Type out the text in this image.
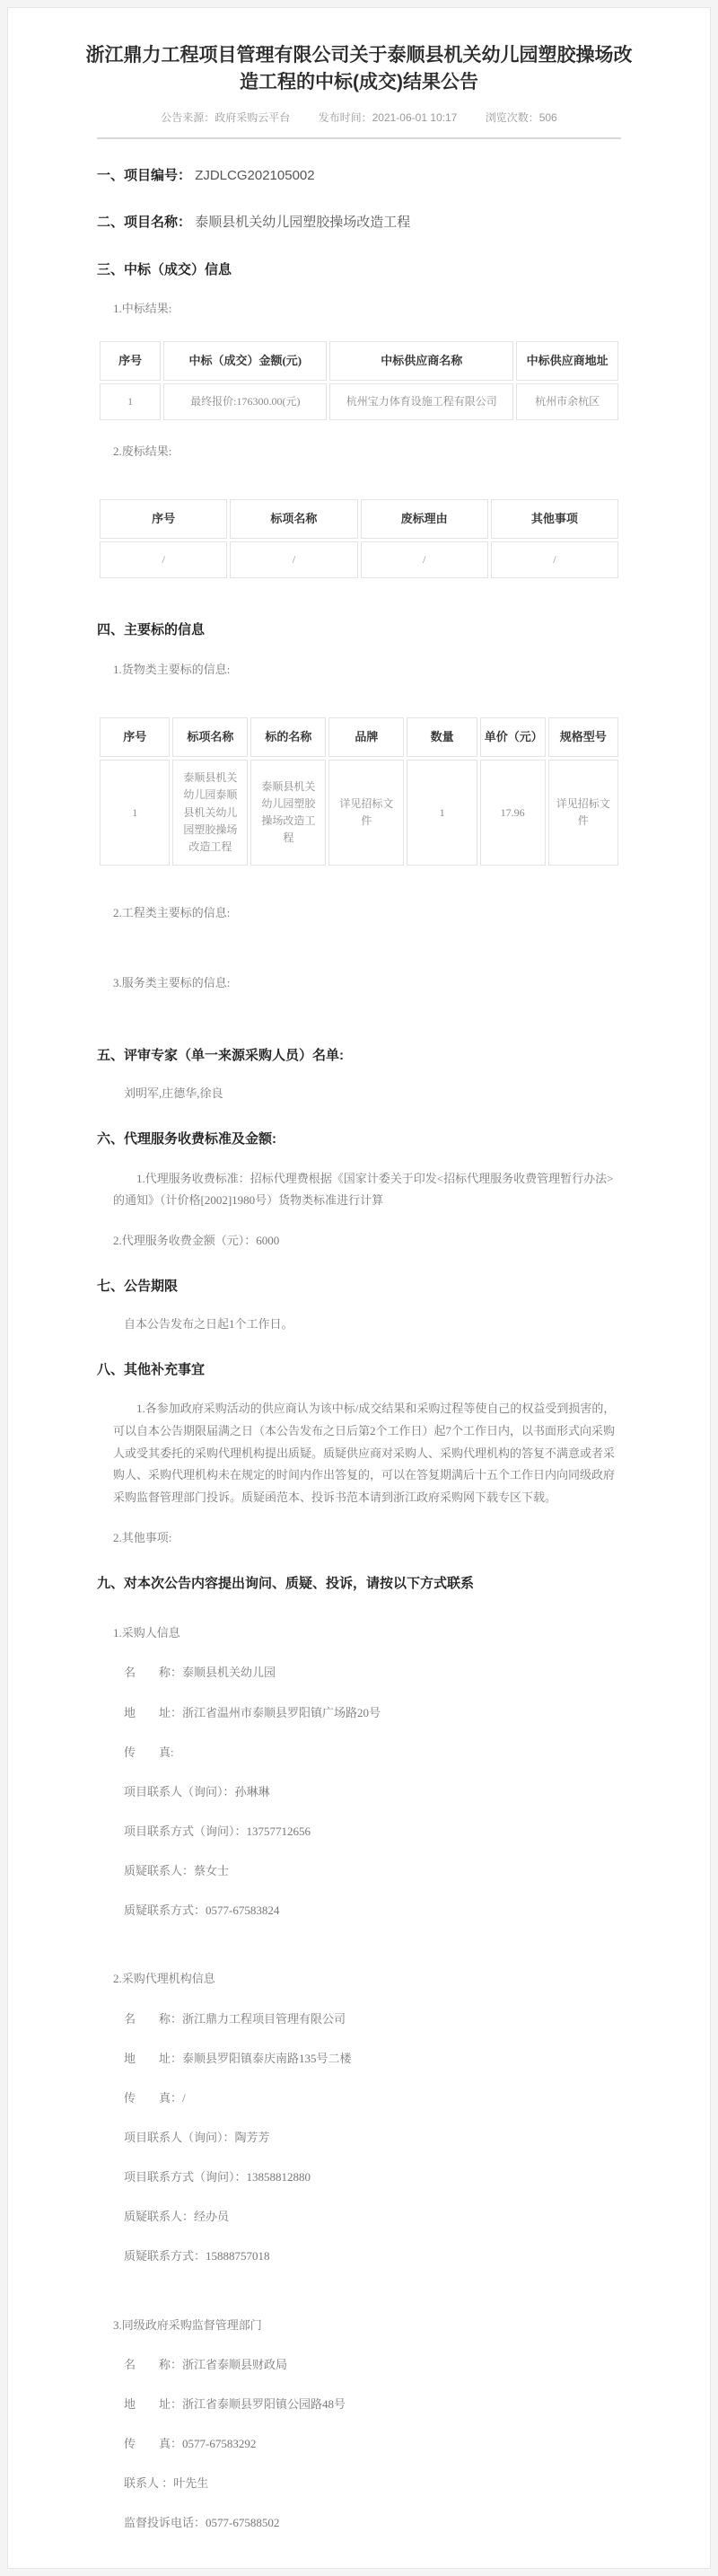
浙江鼎力工程项目管理有限公司关于泰顺县机关幼儿园塑胶操场改造工程的中标(成交)结果公告
公告来源：政府采购云平台	发布时间：2021-06-01 10:17	浏览次数：506
一、项目编号： ZJDLCG202105002
二、项目名称： 泰顺县机关幼儿园塑胶操场改造工程
三、中标（成交）信息
1.中标结果:
序号	中标（成交）金额(元)	中标供应商名称	中标供应商地址
1	最终报价:176300.00(元)	杭州宝力体育设施工程有限公司	杭州市余杭区
2.废标结果:
序号	标项名称	废标理由	其他事项
/	/	/	/
四、主要标的信息
1.货物类主要标的信息:
序号	标项名称	标的名称	品牌	数量	单价（元）	规格型号
1	泰顺县机关幼儿园泰顺县机关幼儿园塑胶操场改造工程	泰顺县机关幼儿园塑胶操场改造工程	详见招标文件	1	17.96	详见招标文件
2.工程类主要标的信息:
3.服务类主要标的信息:
五、评审专家（单一来源采购人员）名单:
刘明军,庄德华,徐良
六、代理服务收费标准及金额:
1.代理服务收费标准：招标代理费根据《国家计委关于印发<招标代理服务收费管理暂行办法>的通知》（计价格[2002]1980号）货物类标准进行计算
2.代理服务收费金额（元）：6000
七、公告期限
自本公告发布之日起1个工作日。
八、其他补充事宜
1.各参加政府采购活动的供应商认为该中标/成交结果和采购过程等使自己的权益受到损害的，可以自本公告期限届满之日（本公告发布之日后第2个工作日）起7个工作日内，以书面形式向采购人或受其委托的采购代理机构提出质疑。质疑供应商对采购人、采购代理机构的答复不满意或者采购人、采购代理机构未在规定的时间内作出答复的，可以在答复期满后十五个工作日内向同级政府采购监督管理部门投诉。质疑函范本、投诉书范本请到浙江政府采购网下载专区下载。
2.其他事项:
九、对本次公告内容提出询问、质疑、投诉，请按以下方式联系
1.采购人信息
名　　称：泰顺县机关幼儿园
地　　址：浙江省温州市泰顺县罗阳镇广场路20号
传　　真:
项目联系人（询问）：孙琳琳
项目联系方式（询问）：13757712656
质疑联系人：蔡女士
质疑联系方式：0577-67583824
2.采购代理机构信息
名　　称：浙江鼎力工程项目管理有限公司
地　　址：泰顺县罗阳镇泰庆南路135号二楼
传　　真：/
项目联系人（询问）：陶芳芳
项目联系方式（询问）：13858812880
质疑联系人：经办员
质疑联系方式：15888757018
3.同级政府采购监督管理部门
名　　称：浙江省泰顺县财政局
地　　址：浙江省泰顺县罗阳镇公园路48号
传　　真：0577-67583292
联系人 ：叶先生
监督投诉电话：0577-67588502
